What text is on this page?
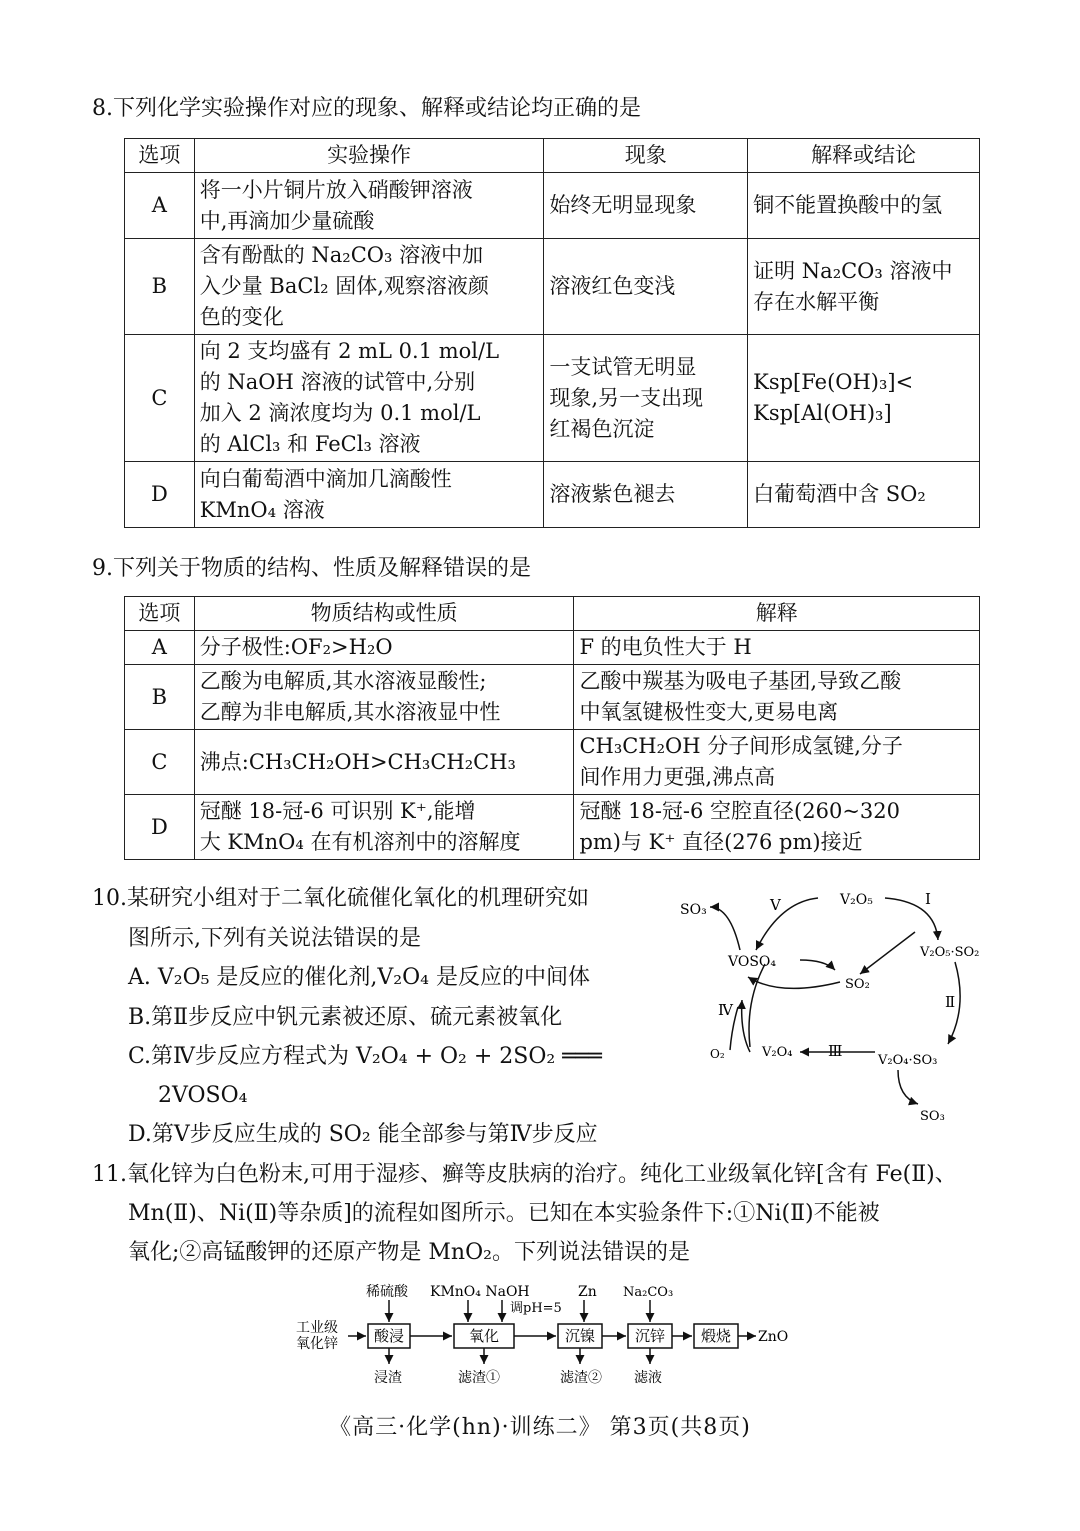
8.下列化学实验操作对应的现象、解释或结论均正确的是
选项	实验操作	现象	解释或结论
A	将一小片铜片放入硝酸钾溶液
中,再滴加少量硫酸	始终无明显现象	铜不能置换酸中的氢

B	含有酚酞的 Na₂CO₃ 溶液中加
入少量 BaCl₂ 固体,观察溶液颜
色的变化	溶液红色变浅	证明 Na₂CO₃ 溶液中
存在水解平衡

C	向 2 支均盛有 2 mL 0.1 mol/L
的 NaOH 溶液的试管中,分别
加入 2 滴浓度均为 0.1 mol/L
的 AlCl₃ 和 FeCl₃ 溶液	一支试管无明显
现象,另一支出现
红褐色沉淀	Ksp[Fe(OH)₃]<
Ksp[Al(OH)₃]

D	向白葡萄酒中滴加几滴酸性
KMnO₄ 溶液	溶液紫色褪去	白葡萄酒中含 SO₂
9.下列关于物质的结构、性质及解释错误的是
选项	物质结构或性质	解释
A	分子极性:OF₂>H₂O	F 的电负性大于 H

B	乙酸为电解质,其水溶液显酸性;
乙醇为非电解质,其水溶液显中性	乙酸中羰基为吸电子基团,导致乙酸
中氧氢键极性变大,更易电离

C	沸点:CH₃CH₂OH>CH₃CH₂CH₃	CH₃CH₂OH 分子间形成氢键,分子
间作用力更强,沸点高

D	冠醚 18-冠-6 可识别 K⁺,能增
大 KMnO₄ 在有机溶剂中的溶解度	冠醚 18-冠-6 空腔直径(260~320
pm)与 K⁺ 直径(276 pm)接近
10.某研究小组对于二氧化硫催化氧化的机理研究如
图所示,下列有关说法错误的是
A. V₂O₅ 是反应的催化剂,V₂O₄ 是反应的中间体
B.第Ⅱ步反应中钒元素被还原、硫元素被氧化
C.第Ⅳ步反应方程式为 V₂O₄ + O₂ + 2SO₂ ═══
2VOSO₄
D.第Ⅴ步反应生成的 SO₂ 能全部参与第Ⅳ步反应
SO₃	Ⅴ	V₂O₅	Ⅰ
VOSO₄
SO₂
V₂O₅·SO₂
Ⅳ	Ⅱ
O₂	V₂O₄ Ⅲ
V₂O₄·SO₃
SO₃
11.氧化锌为白色粉末,可用于湿疹、癣等皮肤病的治疗。纯化工业级氧化锌[含有 Fe(Ⅱ)、
Mn(Ⅱ)、Ni(Ⅱ)等杂质]的流程如图所示。已知在本实验条件下:①Ni(Ⅱ)不能被
氧化;②高锰酸钾的还原产物是 MnO₂。下列说法错误的是
工业级
氧化锌
稀硫酸 KMnO₄ NaOH
调pH=5
Zn Na₂CO₃
酸浸	氧化	沉镍	沉锌 煅烧 ZnO
浸渣	滤渣①	滤渣② 滤液
《高三·化学(hn)·训练二》 第3页(共8页)
